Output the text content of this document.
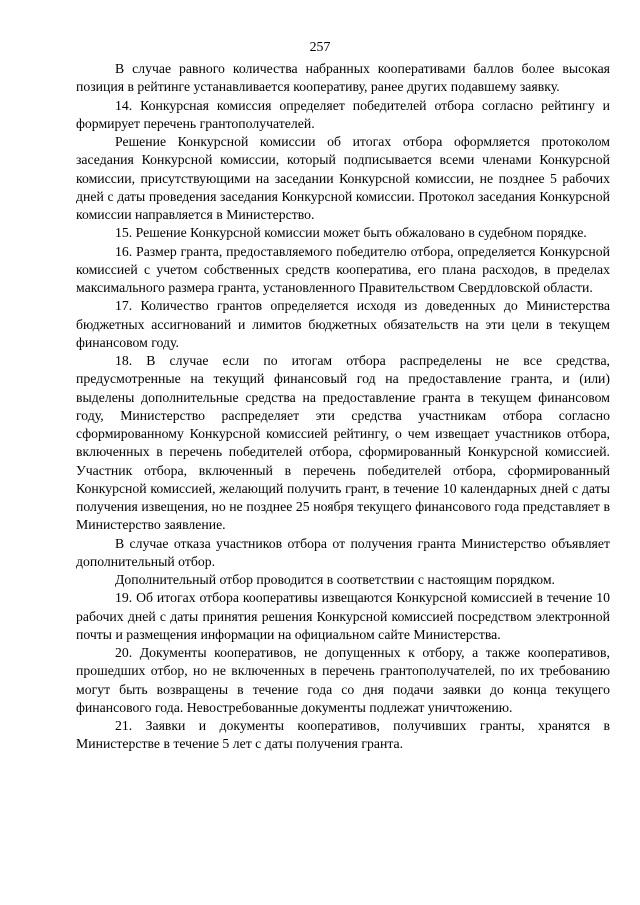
257

В случае равного количества набранных кооперативами баллов более высокая позиция в рейтинге устанавливается кооперативу, ранее других подавшему заявку.

14. Конкурсная комиссия определяет победителей отбора согласно рейтингу и формирует перечень грантополучателей.

Решение Конкурсной комиссии об итогах отбора оформляется протоколом заседания Конкурсной комиссии, который подписывается всеми членами Конкурсной комиссии, присутствующими на заседании Конкурсной комиссии, не позднее 5 рабочих дней с даты проведения заседания Конкурсной комиссии. Протокол заседания Конкурсной комиссии направляется в Министерство.

15. Решение Конкурсной комиссии может быть обжаловано в судебном порядке.

16. Размер гранта, предоставляемого победителю отбора, определяется Конкурсной комиссией с учетом собственных средств кооператива, его плана расходов, в пределах максимального размера гранта, установленного Правительством Свердловской области.

17. Количество грантов определяется исходя из доведенных до Министерства бюджетных ассигнований и лимитов бюджетных обязательств на эти цели в текущем финансовом году.

18. В случае если по итогам отбора распределены не все средства, предусмотренные на текущий финансовый год на предоставление гранта, и (или) выделены дополнительные средства на предоставление гранта в текущем финансовом году, Министерство распределяет эти средства участникам отбора согласно сформированному Конкурсной комиссией рейтингу, о чем извещает участников отбора, включенных в перечень победителей отбора, сформированный Конкурсной комиссией. Участник отбора, включенный в перечень победителей отбора, сформированный Конкурсной комиссией, желающий получить грант, в течение 10 календарных дней с даты получения извещения, но не позднее 25 ноября текущего финансового года представляет в Министерство заявление.

В случае отказа участников отбора от получения гранта Министерство объявляет дополнительный отбор.

Дополнительный отбор проводится в соответствии с настоящим порядком.

19. Об итогах отбора кооперативы извещаются Конкурсной комиссией в течение 10 рабочих дней с даты принятия решения Конкурсной комиссией посредством электронной почты и размещения информации на официальном сайте Министерства.

20. Документы кооперативов, не допущенных к отбору, а также кооперативов, прошедших отбор, но не включенных в перечень грантополучателей, по их требованию могут быть возвращены в течение года со дня подачи заявки до конца текущего финансового года. Невостребованные документы подлежат уничтожению.

21. Заявки и документы кооперативов, получивших гранты, хранятся в Министерстве в течение 5 лет с даты получения гранта.
